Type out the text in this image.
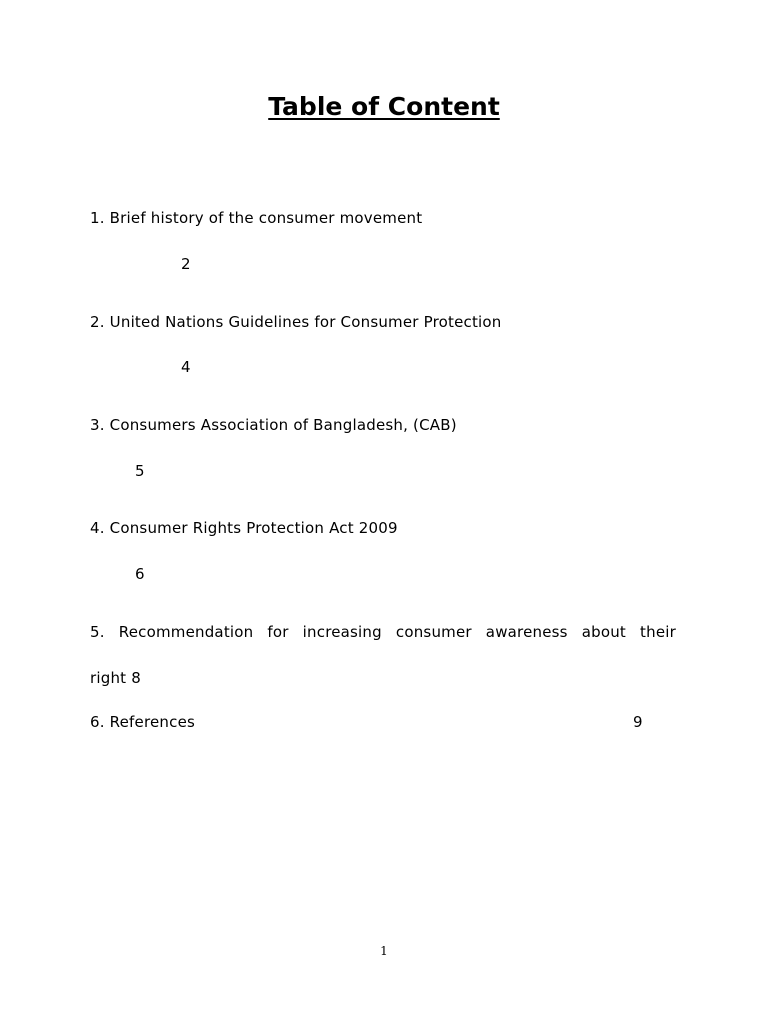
Table of Content
1. Brief history of the consumer movement
2
2. United Nations Guidelines for Consumer Protection
4
3. Consumers Association of Bangladesh, (CAB)
5
4. Consumer Rights Protection Act 2009
6
5. Recommendation for increasing consumer awareness about their
right 8
6. References	9
1
